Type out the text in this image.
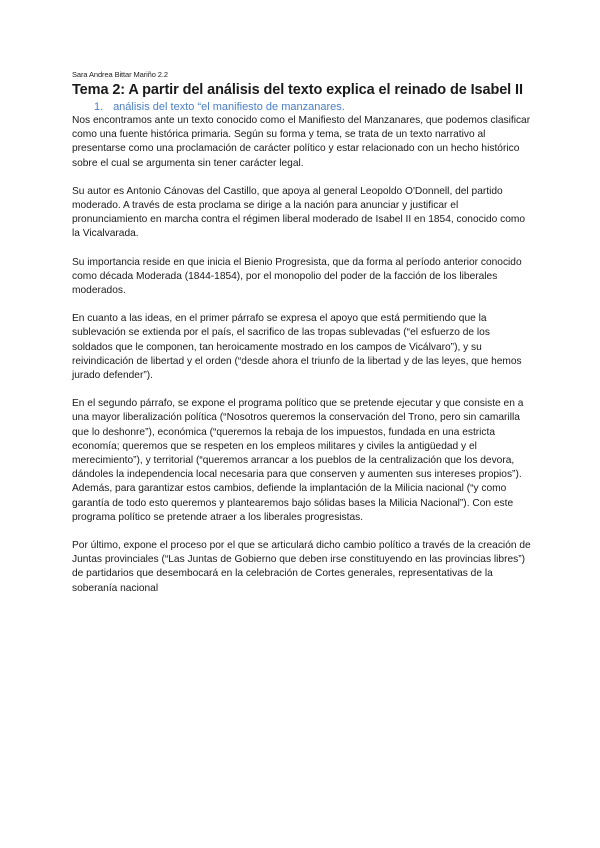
Sara Andrea Bittar Mariño 2.2
Tema 2: A partir del análisis del texto explica el reinado de Isabel II
1. análisis del texto “el manifiesto de manzanares.

Nos encontramos ante un texto conocido como el Manifiesto del Manzanares, que podemos clasificar como una fuente histórica primaria. Según su forma y tema, se trata de un texto narrativo al presentarse como una proclamación de carácter político y estar relacionado con un hecho histórico sobre el cual se argumenta sin tener carácter legal.

Su autor es Antonio Cánovas del Castillo, que apoya al general Leopoldo O'Donnell, del partido moderado. A través de esta proclama se dirige a la nación para anunciar y justificar el pronunciamiento en marcha contra el régimen liberal moderado de Isabel II en 1854, conocido como la Vicalvarada.

Su importancia reside en que inicia el Bienio Progresista, que da forma al período anterior conocido como década Moderada (1844-1854), por el monopolio del poder de la facción de los liberales moderados.

En cuanto a las ideas, en el primer párrafo se expresa el apoyo que está permitiendo que la sublevación se extienda por el país, el sacrifico de las tropas sublevadas (“el esfuerzo de los soldados que le componen, tan heroicamente mostrado en los campos de Vicálvaro”), y su reivindicación de libertad y el orden (“desde ahora el triunfo de la libertad y de las leyes, que hemos jurado defender”).

En el segundo párrafo, se expone el programa político que se pretende ejecutar y que consiste en a una mayor liberalización política (“Nosotros queremos la conservación del Trono, pero sin camarilla que lo deshonre”), económica (“queremos la rebaja de los impuestos, fundada en una estricta economía; queremos que se respeten en los empleos militares y civiles la antigüedad y el merecimiento”), y territorial (“queremos arrancar a los pueblos de la centralización que los devora, dándoles la independencia local necesaria para que conserven y aumenten sus intereses propios”). Además, para garantizar estos cambios, defiende la implantación de la Milicia nacional (“y como garantía de todo esto queremos y plantearemos bajo sólidas bases la Milicia Nacional”). Con este programa político se pretende atraer a los liberales progresistas.

Por último, expone el proceso por el que se articulará dicho cambio político a través de la creación de Juntas provinciales (“Las Juntas de Gobierno que deben irse constituyendo en las provincias libres”) de partidarios que desembocará en la celebración de Cortes generales, representativas de la soberanía nacional
